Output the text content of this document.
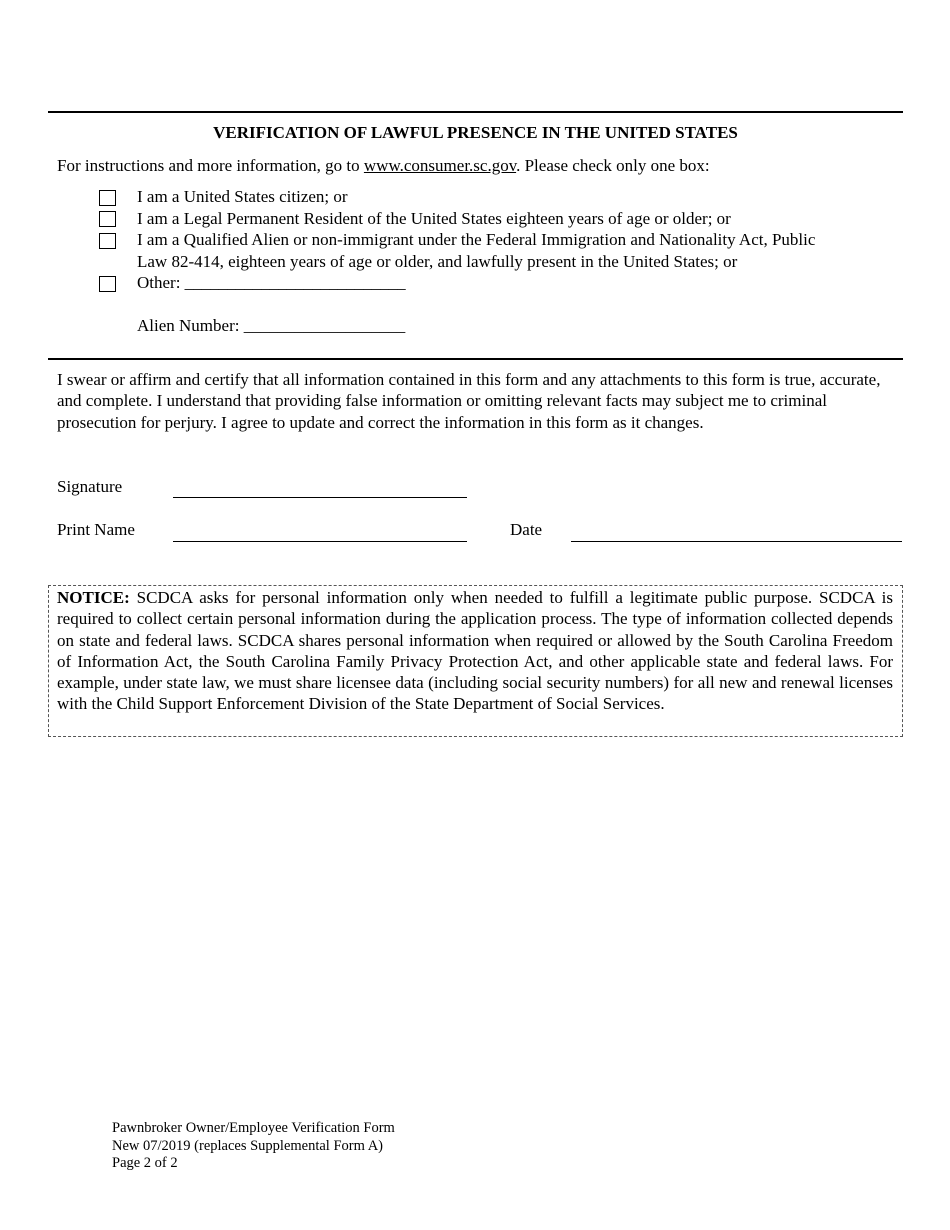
VERIFICATION OF LAWFUL PRESENCE IN THE UNITED STATES
For instructions and more information, go to www.consumer.sc.gov. Please check only one box:
I am a United States citizen; or
I am a Legal Permanent Resident of the United States eighteen years of age or older; or
I am a Qualified Alien or non-immigrant under the Federal Immigration and Nationality Act, Public
Law 82-414, eighteen years of age or older, and lawfully present in the United States; or
Other: __________________________
Alien Number: ___________________
I swear or affirm and certify that all information contained in this form and any attachments to this form is true, accurate, and complete. I understand that providing false information or omitting relevant facts may subject me to criminal prosecution for perjury. I agree to update and correct the information in this form as it changes.
Signature
Print Name	Date
NOTICE: SCDCA asks for personal information only when needed to fulfill a legitimate public purpose. SCDCA is required to collect certain personal information during the application process. The type of information collected depends on state and federal laws. SCDCA shares personal information when required or allowed by the South Carolina Freedom of Information Act, the South Carolina Family Privacy Protection Act, and other applicable state and federal laws. For example, under state law, we must share licensee data (including social security numbers) for all new and renewal licenses with the Child Support Enforcement Division of the State Department of Social Services.
Pawnbroker Owner/Employee Verification Form
New 07/2019 (replaces Supplemental Form A)
Page 2 of 2
